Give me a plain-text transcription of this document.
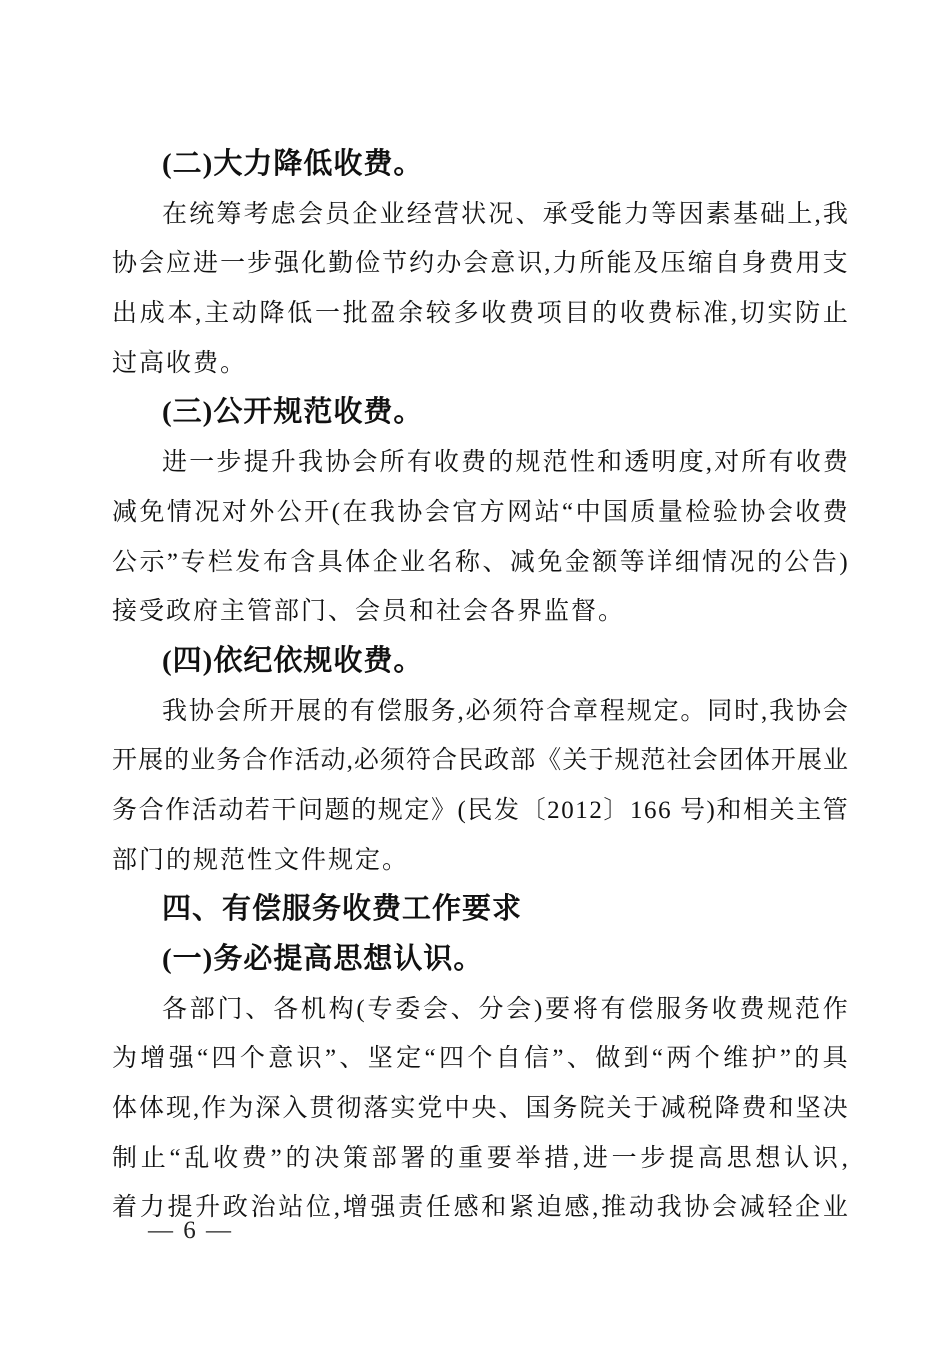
(二)大力降低收费。
在 统 筹 考 虑 会 员 企 业 经 营 状 况 、 承 受 能 力 等 因 素 基 础 上 , 我
协 会 应 进 一 步 强 化 勤 俭 节 约 办 会 意 识 , 力 所 能 及 压 缩 自 身 费 用 支
出 成 本 , 主 动 降 低 一 批 盈 余 较 多 收 费 项 目 的 收 费 标 准 , 切 实 防 止
过高收费。
(三)公开规范收费。
进 一 步 提 升 我 协 会 所 有 收 费 的 规 范 性 和 透 明 度 , 对 所 有 收 费
减 免 情 况 对 外 公 开 ( 在 我 协 会 官 方 网 站 “ 中 国 质 量 检 验 协 会 收 费
公 示 ” 专 栏 发 布 含 具 体 企 业 名 称 、 减 免 金 额 等 详 细 情 况 的 公 告 )
接受政府主管部门、会员和社会各界监督。
(四)依纪依规收费。
我 协 会 所 开 展 的 有 偿 服 务 , 必 须 符 合 章 程 规 定 。 同 时 , 我 协 会
开 展 的 业 务 合 作 活 动 , 必 须 符 合 民 政 部 《 关 于 规 范 社 会 团 体 开 展 业
务 合 作 活 动 若 干 问 题 的 规 定 》 ( 民 发 〔 2 0 1 2 〕 1 6 6
号 ) 和 相 关 主 管
部门的规范性文件规定。
四、有偿服务收费工作要求
(一)务必提高思想认识。
各 部 门 、 各 机 构 ( 专 委 会 、 分 会 ) 要 将 有 偿 服 务 收 费 规 范 作
为 增 强 “ 四 个 意 识 ” 、 坚 定 “ 四 个 自 信 ” 、 做 到 “ 两 个 维 护 ” 的 具
体 体 现 , 作 为 深 入 贯 彻 落 实 党 中 央 、 国 务 院 关 于 减 税 降 费 和 坚 决
制 止 “ 乱 收 费 ” 的 决 策 部 署 的 重 要 举 措 , 进 一 步 提 高 思 想 认 识 ,
着 力 提 升 政 治 站 位 , 增 强 责 任 感 和 紧 迫 感 , 推 动 我 协 会 减 轻 企 业
— 6 —
